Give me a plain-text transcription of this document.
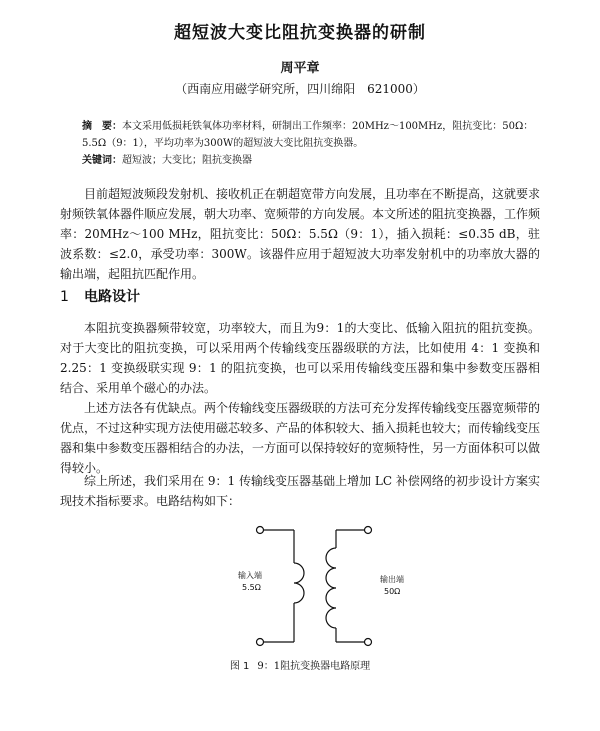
超短波大变比阻抗变换器的研制
周平章
（西南应用磁学研究所，四川绵阳　621000）
摘　要：本文采用低损耗铁氧体功率材料，研制出工作频率：20MHz～100MHz，阻抗变比：50Ω：5.5Ω（9：1），平均功率为300W的超短波大变比阻抗变换器。
关键词：超短波；大变比；阻抗变换器
目前超短波频段发射机、接收机正在朝超宽带方向发展，且功率在不断提高，这就要求射频铁氧体器件顺应发展，朝大功率、宽频带的方向发展。本文所述的阻抗变换器，工作频率：20MHz～100 MHz，阻抗变比：50Ω：5.5Ω（9：1），插入损耗：≤0.35 dB，驻波系数：≤2.0，承受功率：300W。该器件应用于超短波大功率发射机中的功率放大器的输出端，起阻抗匹配作用。
1 电路设计
本阻抗变换器频带较宽，功率较大，而且为9：1的大变比、低输入阻抗的阻抗变换。对于大变比的阻抗变换，可以采用两个传输线变压器级联的方法，比如使用 4：1 变换和2.25：1 变换级联实现 9：1 的阻抗变换，也可以采用传输线变压器和集中参数变压器相结合、采用单个磁心的办法。
上述方法各有优缺点。两个传输线变压器级联的方法可充分发挥传输线变压器宽频带的优点，不过这种实现方法使用磁芯较多、产品的体积较大、插入损耗也较大；而传输线变压器和集中参数变压器相结合的办法，一方面可以保持较好的宽频特性，另一方面体积可以做得较小。
综上所述，我们采用在 9：1 传输线变压器基础上增加 LC 补偿网络的初步设计方案实现技术指标要求。电路结构如下：
输入端
5.5Ω
输出端
50Ω
图 1 9：1阻抗变换器电路原理
